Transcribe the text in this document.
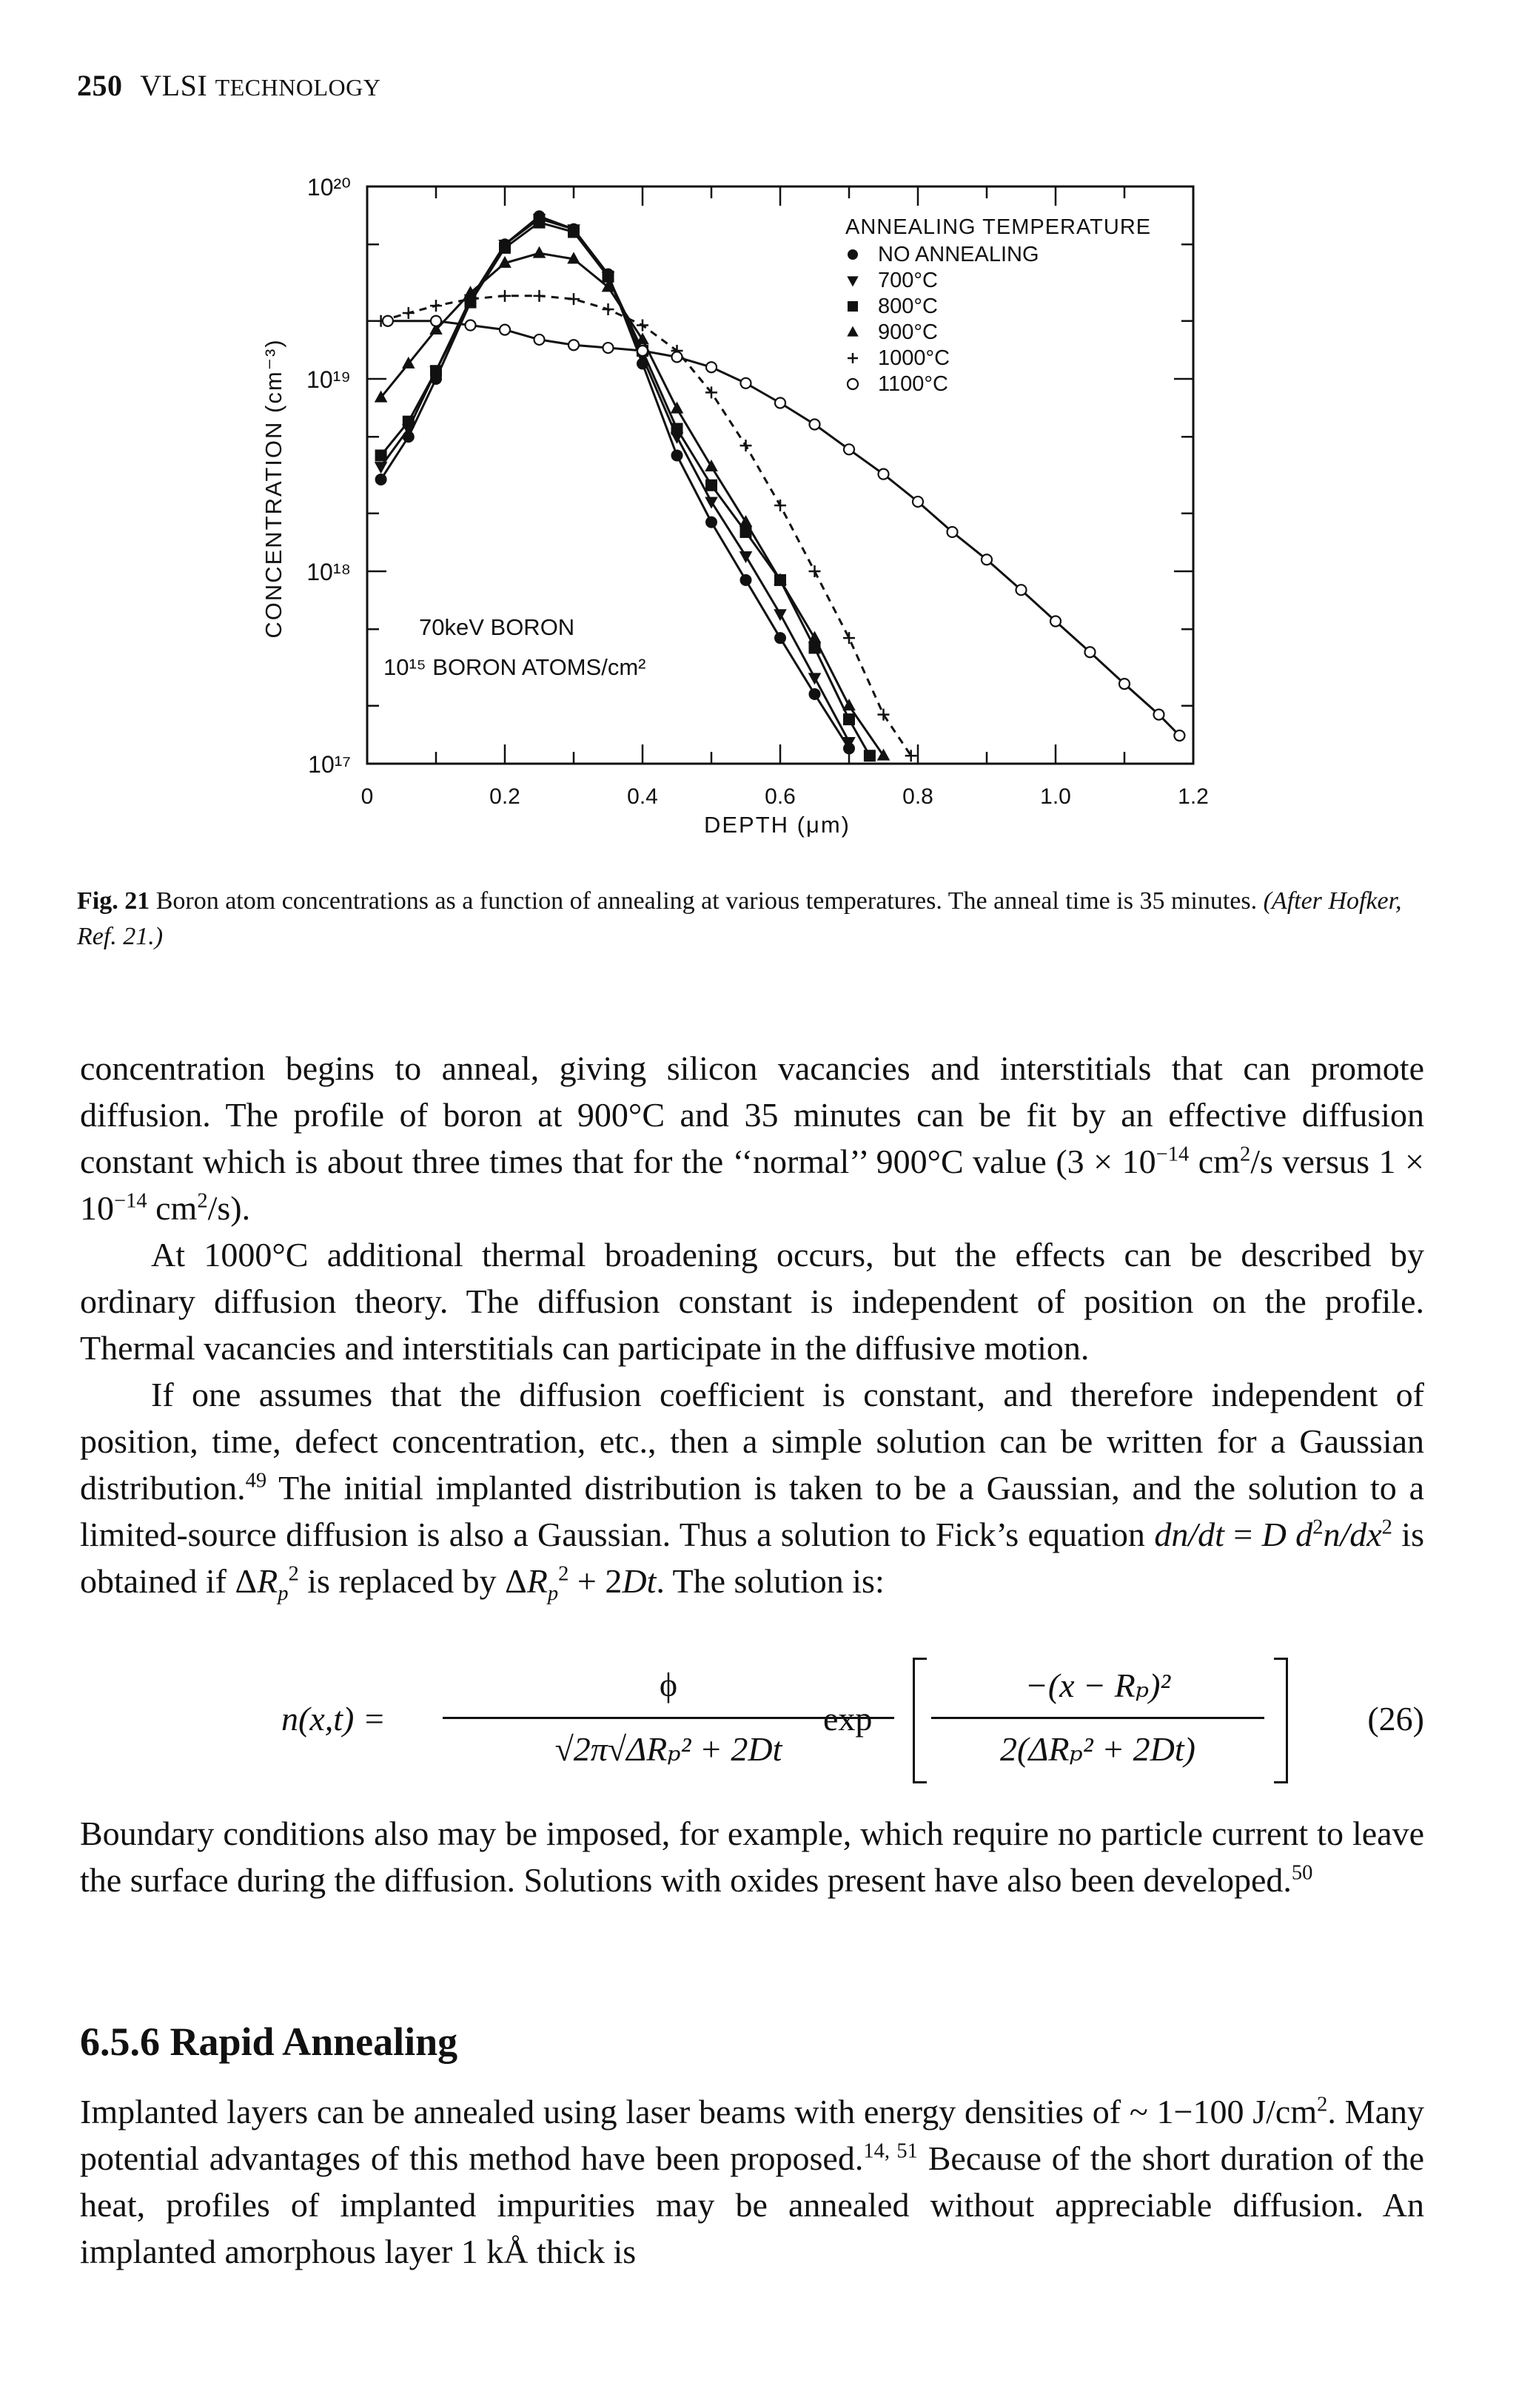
250 VLSI TECHNOLOGY
0	0.2	0.4	0.6	0.8	1.0	1.2
10¹⁷
10¹⁸
10¹⁹
10²⁰
NO ANNEALING
700°C
800°C
900°C
1000°C
1100°C
CONCENTRATION (cm⁻³)
DEPTH (μm)
ANNEALING TEMPERATURE
70keV BORON
10¹⁵ BORON ATOMS/cm²
Fig. 21 Boron atom concentrations as a function of annealing at various temperatures. The anneal time is 35 minutes. (After Hofker, Ref. 21.)

concentration begins to anneal, giving silicon vacancies and interstitials that can promote diffusion. The profile of boron at 900°C and 35 minutes can be fit by an effective diffusion constant which is about three times that for the ‘‘normal’’ 900°C value ($3 \times 10^{-14}$ $cm^2/s$ versus $1 \times 10^{-14}$ $cm^2/s$).

At 1000°C additional thermal broadening occurs, but the effects can be described by ordinary diffusion theory. The diffusion constant is independent of position on the profile. Thermal vacancies and interstitials can participate in the diffusive motion.

If one assumes that the diffusion coefficient is constant, and therefore independent of position, time, defect concentration, etc., then a simple solution can be written for a Gaussian distribution.$^{49}$ The initial implanted distribution is taken to be a Gaussian, and the solution to a limited-source diffusion is also a Gaussian. Thus a solution to Fick’s equation dn/dt = D $d^2n/dx^2$ is obtained if $\Delta R_p^2$ is replaced by $\Delta R_p^2 + 2Dt$. The solution is:

n(x,t) =
ϕ
√2π√ΔRₚ² + 2Dt
exp
−(x − Rₚ)²
2(ΔRₚ² + 2Dt)
(26)

Boundary conditions also may be imposed, for example, which require no particle current to leave the surface during the diffusion. Solutions with oxides present have also been developed.$^{50}$

6.5.6 Rapid Annealing

Implanted layers can be annealed using laser beams with energy densities of ~ 1−100 $J/cm^2$. Many potential advantages of this method have been proposed.$^{14, 51}$ Because of the short duration of the heat, profiles of implanted impurities may be annealed without appreciable diffusion. An implanted amorphous layer 1 kÅ thick is
